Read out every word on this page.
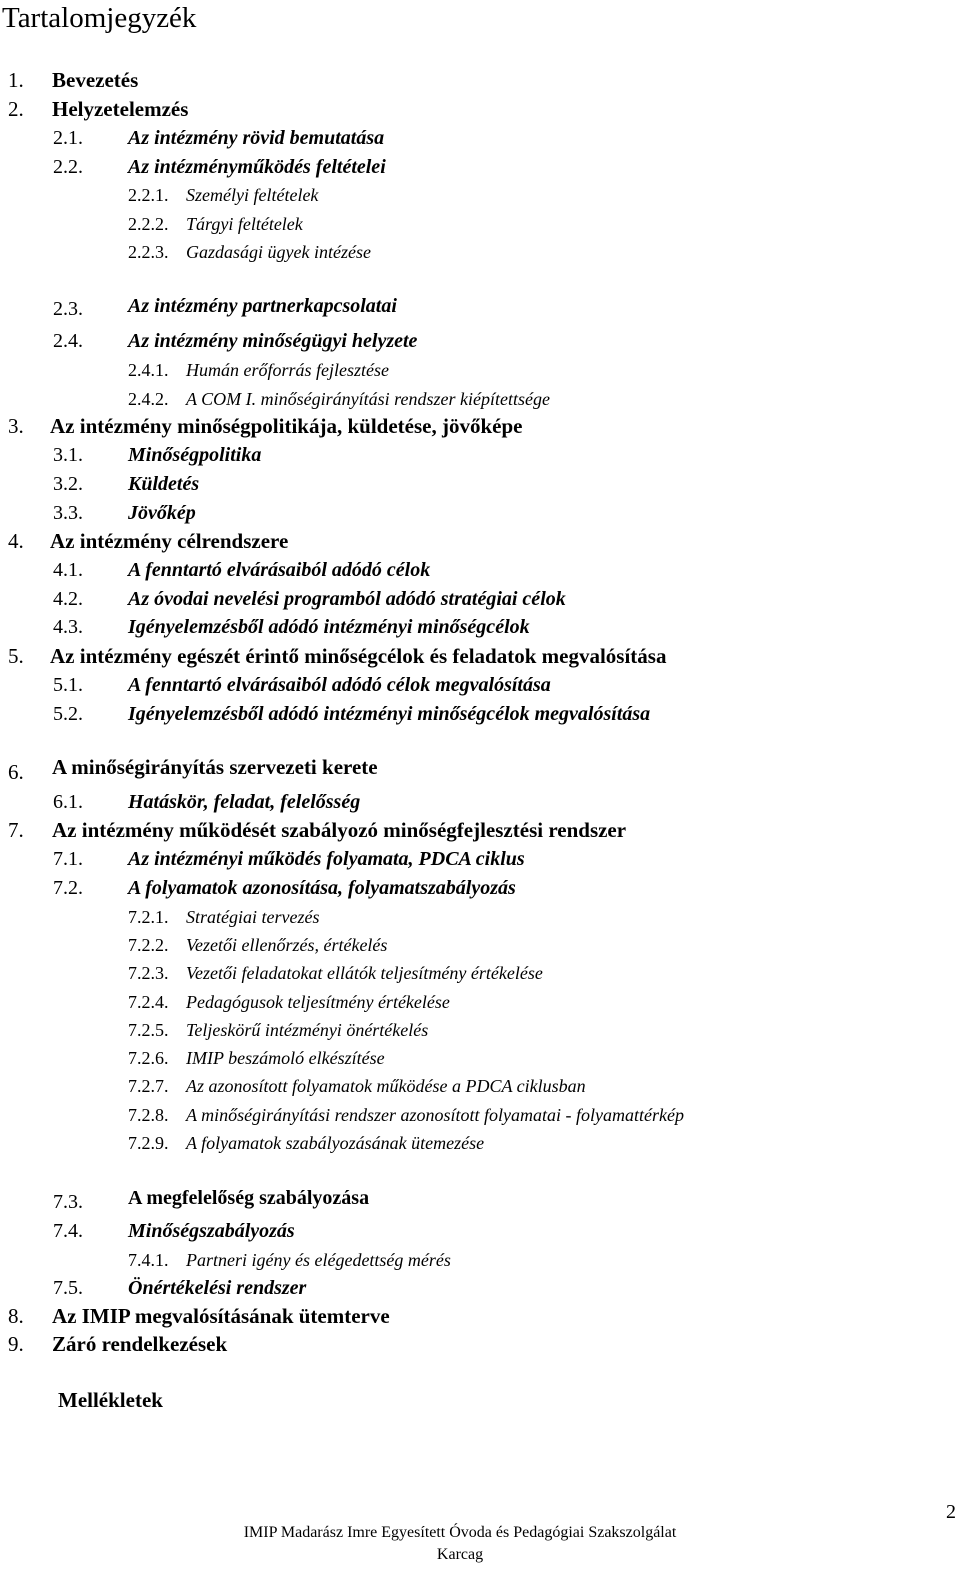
Tartalomjegyzék
1. Bevezetés
2. Helyzetelemzés
2.1. Az intézmény rövid bemutatása
2.2. Az intézményműködés feltételei
2.2.1. Személyi feltételek
2.2.2. Tárgyi feltételek
2.2.3. Gazdasági ügyek intézése
2.3. Az intézmény partnerkapcsolatai
2.4. Az intézmény minőségügyi helyzete
2.4.1. Humán erőforrás fejlesztése
2.4.2. A COM I. minőségirányítási rendszer kiépítettsége
3. Az intézmény minőségpolitikája, küldetése, jövőképe
3.1. Minőségpolitika
3.2. Küldetés
3.3. Jövőkép
4. Az intézmény célrendszere
4.1. A fenntartó elvárásaiból adódó célok
4.2. Az óvodai nevelési programból adódó stratégiai célok
4.3. Igényelemzésből adódó intézményi minőségcélok
5. Az intézmény egészét érintő minőségcélok és feladatok megvalósítása
5.1. A fenntartó elvárásaiból adódó célok megvalósítása
5.2. Igényelemzésből adódó intézményi minőségcélok megvalósítása
6. A minőségirányítás szervezeti kerete
6.1. Hatáskör, feladat, felelősség
7. Az intézmény működését szabályozó minőségfejlesztési rendszer
7.1. Az intézményi működés folyamata, PDCA ciklus
7.2. A folyamatok azonosítása, folyamatszabályozás
7.2.1. Stratégiai tervezés
7.2.2. Vezetői ellenőrzés, értékelés
7.2.3. Vezetői feladatokat ellátók teljesítmény értékelése
7.2.4. Pedagógusok teljesítmény értékelése
7.2.5. Teljeskörű intézményi önértékelés
7.2.6. IMIP beszámoló elkészítése
7.2.7. Az azonosított folyamatok működése a PDCA ciklusban
7.2.8. A minőségirányítási rendszer azonosított folyamatai - folyamattérkép
7.2.9. A folyamatok szabályozásának ütemezése
7.3. A megfelelőség szabályozása
7.4. Minőségszabályozás
7.4.1. Partneri igény és elégedettség mérés
7.5. Önértékelési rendszer
8. Az IMIP megvalósításának ütemterve
9. Záró rendelkezések
Mellékletek
2
IMIP Madarász Imre Egyesített Óvoda és Pedagógiai Szakszolgálat
Karcag
